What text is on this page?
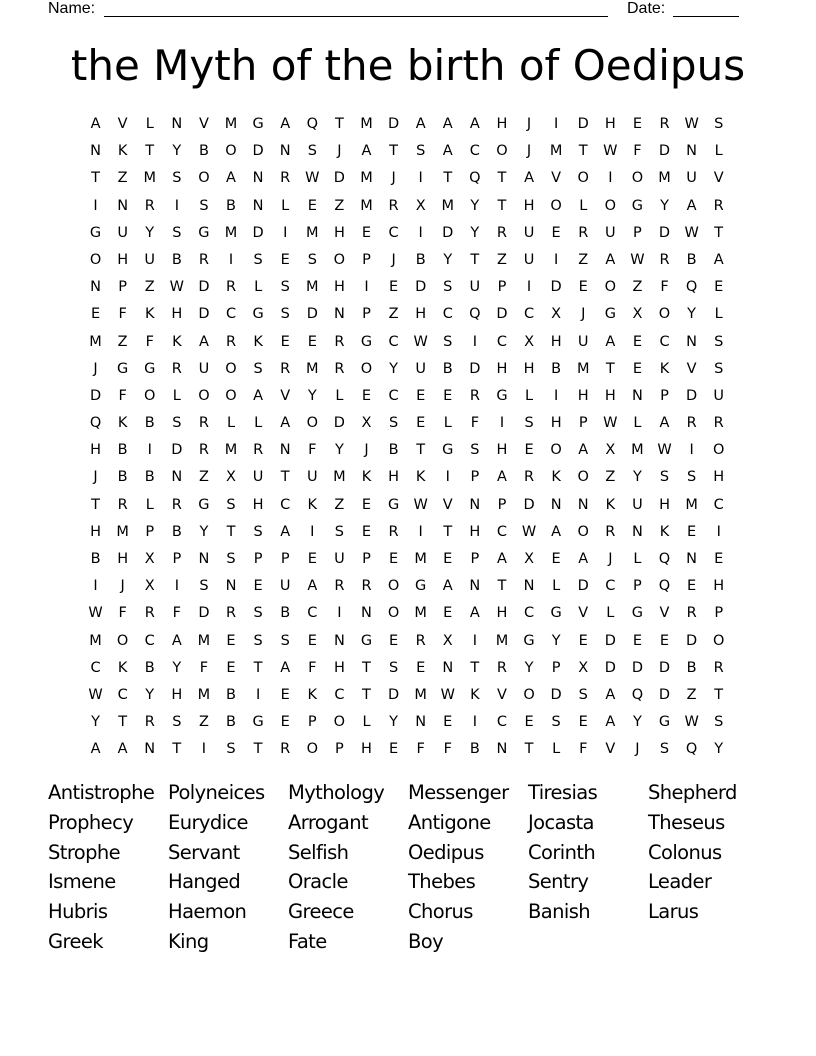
Name:	Date:
the Myth of the birth of Oedipus
A	V	L	N	V	M	G	A	Q	T	M	D	A	A	A	H	J	I	D	H	E	R	W	S
N	K	T	Y	B	O	D	N	S	J	A	T	S	A	C	O	J	M	T	W	F	D	N	L
T	Z	M	S	O	A	N	R	W D	M	J	I	T	Q	T	A	V	O	I	O	M	U	V
I	N	R	I	S	B	N	L	E	Z	M	R	X	M	Y	T	H	O	L	O	G	Y	A	R
G	U	Y	S	G	M	D	I	M	H	E	C	I	D	Y	R	U	E	R	U	P	D W	T
O	H	U	B	R	I	S	E	S	O	P	J	B	Y	T	Z	U	I	Z	A	W	R	B	A
N	P	Z	W D	R	L	S	M	H	I	E	D	S	U	P	I	D	E	O	Z	F	Q	E
E	F	K	H	D	C	G	S	D	N	P	Z	H	C	Q	D	C	X	J	G	X	O	Y	L
M	Z	F	K	A	R	K	E	E	R	G	C	W	S	I	C	X	H	U	A	E	C	N	S
J	G	G	R	U	O	S	R	M	R	O	Y	U	B	D	H	H	B	M	T	E	K	V	S
D	F	O	L	O	O	A	V	Y	L	E	C	E	E	R	G	L	I	H	H	N	P	D	U
Q	K	B	S	R	L	L	A	O	D	X	S	E	L	F	I	S	H	P	W	L	A	R	R
H	B	I	D	R	M	R	N	F	Y	J	B	T	G	S	H	E	O	A	X	M W	I	O
J	B	B	N	Z	X	U	T	U	M	K	H	K	I	P	A	R	K	O	Z	Y	S	S	H
T	R	L	R	G	S	H	C	K	Z	E	G W	V	N	P	D	N	N	K	U	H	M	C
H	M	P	B	Y	T	S	A	I	S	E	R	I	T	H	C	W	A	O	R	N	K	E	I
B	H	X	P	N	S	P	P	E	U	P	E	M	E	P	A	X	E	A	J	L	Q	N	E
I	J	X	I	S	N	E	U	A	R	R	O	G	A	N	T	N	L	D	C	P	Q	E	H
W	F	R	F	D	R	S	B	C	I	N	O	M	E	A	H	C	G	V	L	G	V	R	P
M	O	C	A	M	E	S	S	E	N	G	E	R	X	I	M	G	Y	E	D	E	E	D	O
C	K	B	Y	F	E	T	A	F	H	T	S	E	N	T	R	Y	P	X	D	D	D	B	R
W	C	Y	H	M	B	I	E	K	C	T	D	M W	K	V	O	D	S	A	Q	D	Z	T
Y	T	R	S	Z	B	G	E	P	O	L	Y	N	E	I	C	E	S	E	A	Y	G W	S
A	A	N	T	I	S	T	R	O	P	H	E	F	F	B	N	T	L	F	V	J	S	Q	Y
Antistrophe Polyneices	Mythology	Messenger	Tiresias	Shepherd
Prophecy	Eurydice	Arrogant	Antigone	Jocasta	Theseus
Strophe	Servant	Selfish	Oedipus	Corinth	Colonus
Ismene	Hanged	Oracle	Thebes	Sentry	Leader
Hubris	Haemon	Greece	Chorus	Banish	Larus
Greek	King	Fate	Boy
